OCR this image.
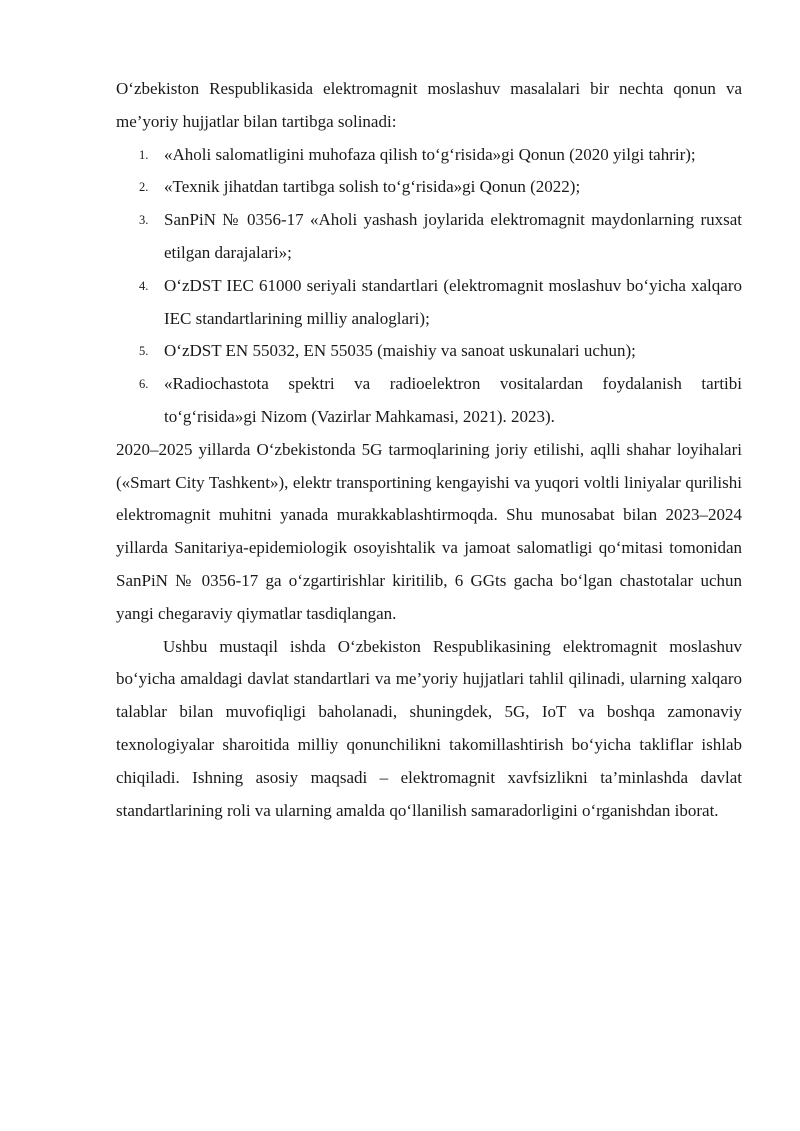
O‘zbekiston Respublikasida elektromagnit moslashuv masalalari bir nechta qonun va me’yoriy hujjatlar bilan tartibga solinadi:

1. «Aholi salomatligini muhofaza qilish to‘g‘risida»gi Qonun (2020 yilgi tahrir);
2. «Texnik jihatdan tartibga solish to‘g‘risida»gi Qonun (2022);
3. SanPiN № 0356-17 «Aholi yashash joylarida elektromagnit maydonlarning ruxsat etilgan darajalari»;
4. O‘zDST IEC 61000 seriyali standartlari (elektromagnit moslashuv bo‘yicha xalqaro IEC standartlarining milliy analoglari);
5. O‘zDST EN 55032, EN 55035 (maishiy va sanoat uskunalari uchun);
6. «Radiochastota spektri va radioelektron vositalardan foydalanish tartibi to‘g‘risida»gi Nizom (Vazirlar Mahkamasi, 2021). 2023).

2020–2025 yillarda O‘zbekistonda 5G tarmoqlarining joriy etilishi, aqlli shahar loyihalari («Smart City Tashkent»), elektr transportining kengayishi va yuqori voltli liniyalar qurilishi elektromagnit muhitni yanada murakkablashtirmoqda. Shu munosabat bilan 2023–2024 yillarda Sanitariya-epidemiologik osoyishtalik va jamoat salomatligi qo‘mitasi tomonidan SanPiN № 0356-17 ga o‘zgartirishlar kiritilib, 6 GGts gacha bo‘lgan chastotalar uchun yangi chegaraviy qiymatlar tasdiqlangan.

Ushbu mustaqil ishda O‘zbekiston Respublikasining elektromagnit moslashuv bo‘yicha amaldagi davlat standartlari va me’yoriy hujjatlari tahlil qilinadi, ularning xalqaro talablar bilan muvofiqligi baholanadi, shuningdek, 5G, IoT va boshqa zamonaviy texnologiyalar sharoitida milliy qonunchilikni takomillashtirish bo‘yicha takliflar ishlab chiqiladi. Ishning asosiy maqsadi – elektromagnit xavfsizlikni ta’minlashda davlat standartlarining roli va ularning amalda qo‘llanilish samaradorligini o‘rganishdan iborat.
